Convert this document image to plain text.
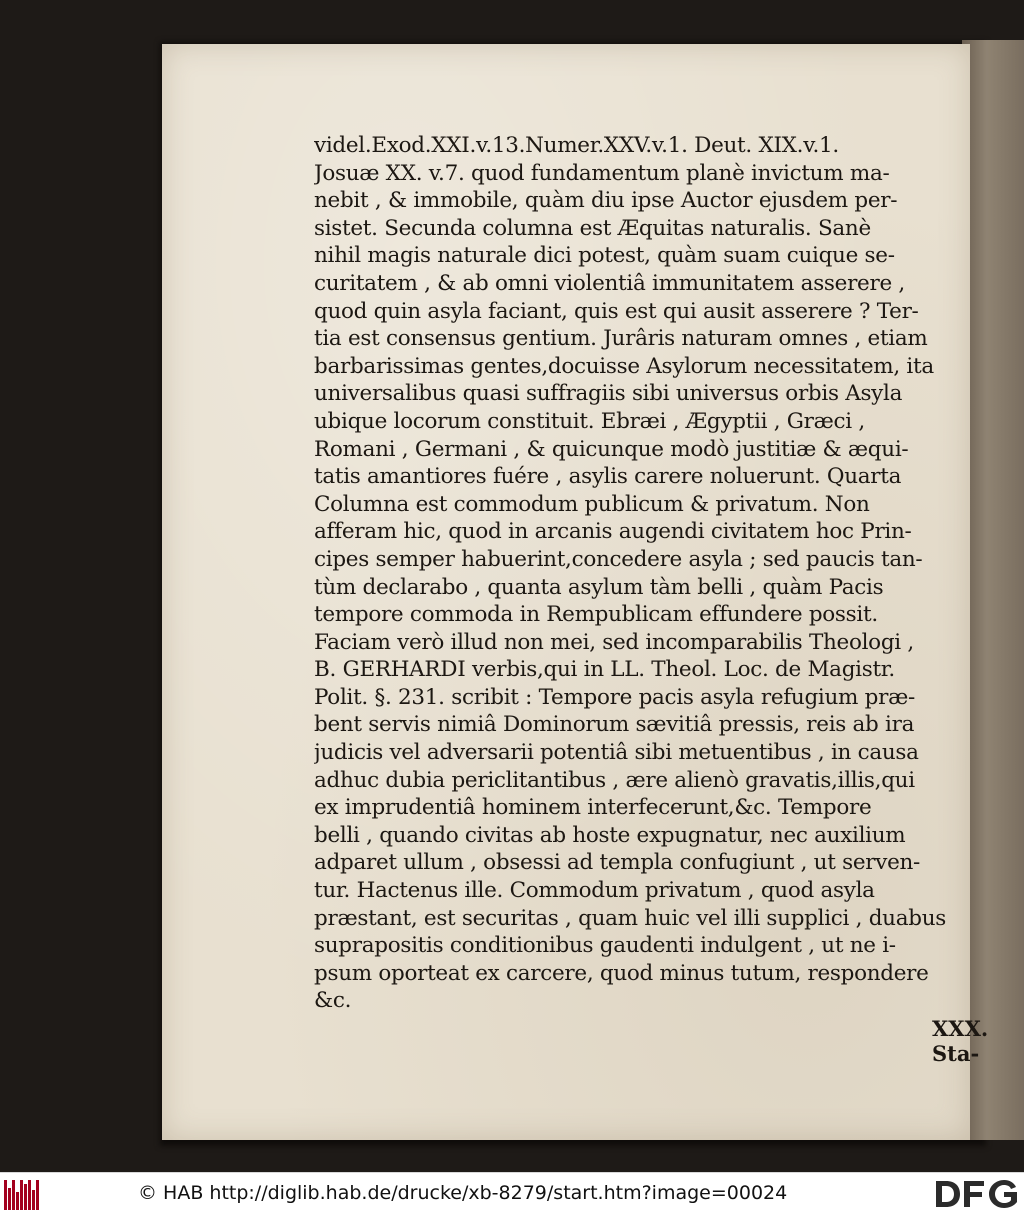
videl.Exod.XXI.v.13.Numer.XXV.v.1. Deut. XIX.v.1.
Josuæ XX. v.7. quod fundamentum planè invictum ma-
nebit , & immobile, quàm diu ipse Auctor ejusdem per-
sistet. Secunda columna est Æquitas naturalis. Sanè
nihil magis naturale dici potest, quàm suam cuique se-
curitatem , & ab omni violentiâ immunitatem asserere ,
quod quin asyla faciant, quis est qui ausit asserere ? Ter-
tia est consensus gentium. Jurâris naturam omnes , etiam
barbarissimas gentes,docuisse Asylorum necessitatem, ita
universalibus quasi suffragiis sibi universus orbis Asyla
ubique locorum constituit. Ebræi , Ægyptii , Græci ,
Romani , Germani , & quicunque modò justitiæ & æqui-
tatis amantiores fuére , asylis carere noluerunt. Quarta
Columna est commodum publicum & privatum. Non
afferam hic, quod in arcanis augendi civitatem hoc Prin-
cipes semper habuerint,concedere asyla ; sed paucis tan-
tùm declarabo , quanta asylum tàm belli , quàm Pacis
tempore commoda in Rempublicam effundere possit.
Faciam verò illud non mei, sed incomparabilis Theologi ,
B. GERHARDI verbis,qui in LL. Theol. Loc. de Magistr.
Polit. §. 231. scribit : Tempore pacis asyla refugium præ-
bent servis nimiâ Dominorum sævitiâ pressis, reis ab ira
judicis vel adversarii potentiâ sibi metuentibus , in causa
adhuc dubia periclitantibus , ære alienò gravatis,illis,qui
ex imprudentiâ hominem interfecerunt,&c. Tempore
belli , quando civitas ab hoste expugnatur, nec auxilium
adparet ullum , obsessi ad templa confugiunt , ut serven-
tur. Hactenus ille. Commodum privatum , quod asyla
præstant, est securitas , quam huic vel illi supplici , duabus
suprapositis conditionibus gaudenti indulgent , ut ne i-
psum oporteat ex carcere, quod minus tutum, respondere
&c.
XXX. Sta-
© HAB http://diglib.hab.de/drucke/xb-8279/start.htm?image=00024
